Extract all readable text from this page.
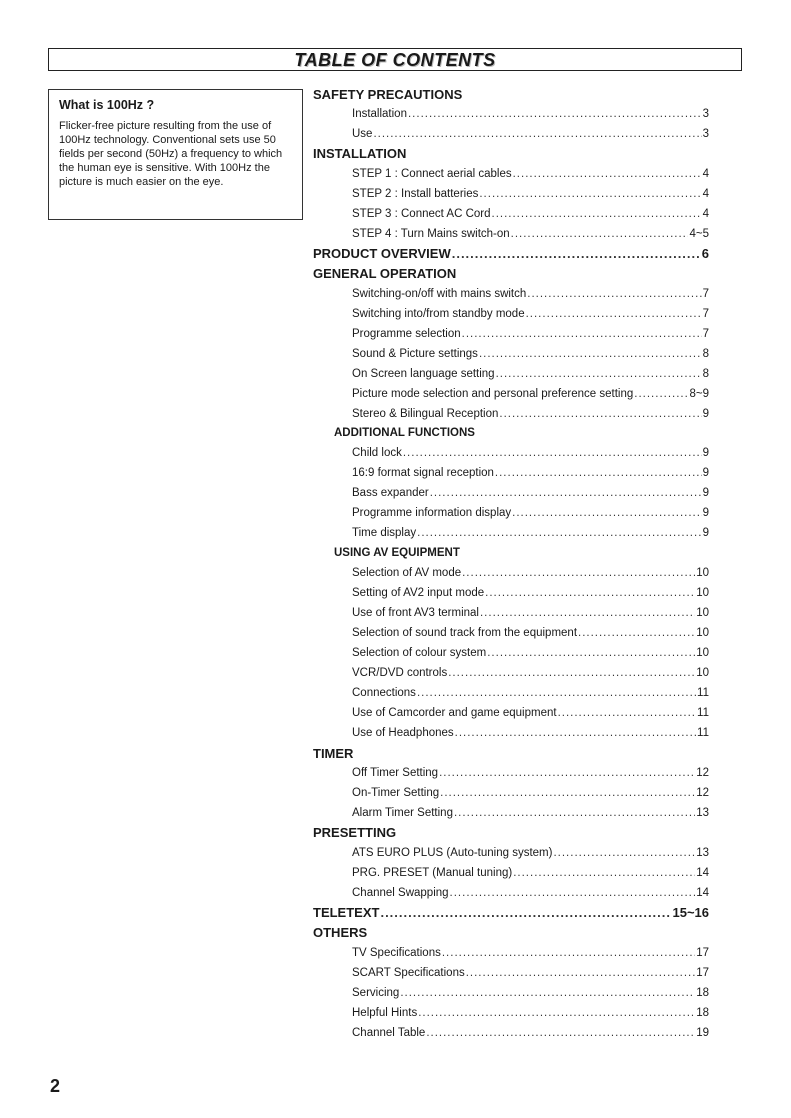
TABLE OF CONTENTS
What is 100Hz ?

Flicker-free picture resulting from the use of 100Hz technology. Conventional sets use 50 fields per second (50Hz) a frequency to which the human eye is sensitive. With 100Hz the picture is much easier on the eye.

SAFETY PRECAUTIONS
Installation .....	3
Use .....	3
INSTALLATION
STEP 1 : Connect aerial cables .....	4
STEP 2 : Install batteries .....	4
STEP 3 : Connect AC Cord .....	4
STEP 4 : Turn Mains switch-on .....	4~5
PRODUCT OVERVIEW .....	6
GENERAL OPERATION
Switching-on/off with mains switch .....	7
Switching into/from standby mode .....	7
Programme selection .....	7
Sound & Picture settings .....	8
On Screen language setting .....	8
Picture mode selection and personal preference setting .....	8~9
Stereo & Bilingual Reception .....	9
ADDITIONAL FUNCTIONS
Child lock .....	9
16:9 format signal reception .....	9
Bass expander .....	9
Programme information display .....	9
Time display .....	9
USING AV EQUIPMENT
Selection of AV mode .....	10
Setting of AV2 input mode .....	10
Use of front AV3 terminal .....	10
Selection of sound track from the equipment .....	10
Selection of colour system .....	10
VCR/DVD controls .....	10
Connections .....	11
Use of Camcorder and game equipment .....	11
Use of Headphones .....	11
TIMER
Off Timer Setting .....	12
On-Timer Setting .....	12
Alarm Timer Setting .....	13
PRESETTING
ATS EURO PLUS (Auto-tuning system) .....	13
PRG. PRESET (Manual tuning) .....	14
Channel Swapping .....	14
TELETEXT .....	15~16
OTHERS
TV Specifications .....	17
SCART Specifications .....	17
Servicing .....	18
Helpful Hints .....	18
Channel Table .....	19
2
